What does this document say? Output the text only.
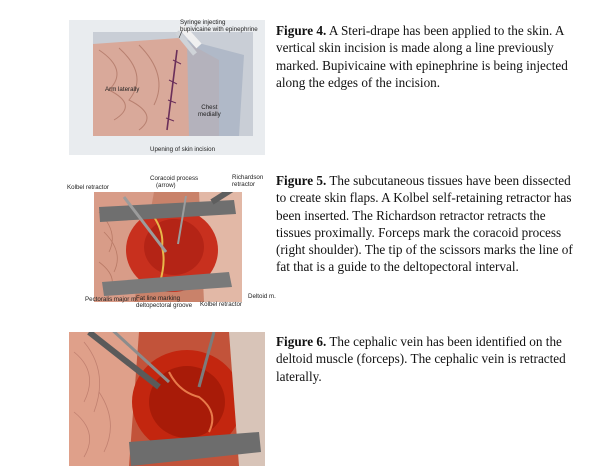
Syringe injecting
bupivicaine with epinephrine
Arm laterally
Chest
medially
Upening of skin incision
Figure 4. A Steri-drape has been applied to the skin. A vertical skin incision is made along a line previously marked. Bupivicaine with epinephrine is being injected along the edges of the incision.
Kolbel retractor
Coracoid process
(arrow)
Richardson
retractor
Pectoralis major m.
Fat line marking
deltopectoral groove Kolbel retractor
Deltoid m.
Figure 5. The subcutaneous tissues have been dissected to create skin flaps. A Kolbel self-retaining retractor has been inserted. The Richardson retractor retracts the tissues proximally. Forceps mark the coracoid process (right shoulder). The tip of the scissors marks the line of fat that is a guide to the deltopectoral interval.
Figure 6. The cephalic vein has been identified on the deltoid muscle (forceps). The cephalic vein is retracted laterally.
